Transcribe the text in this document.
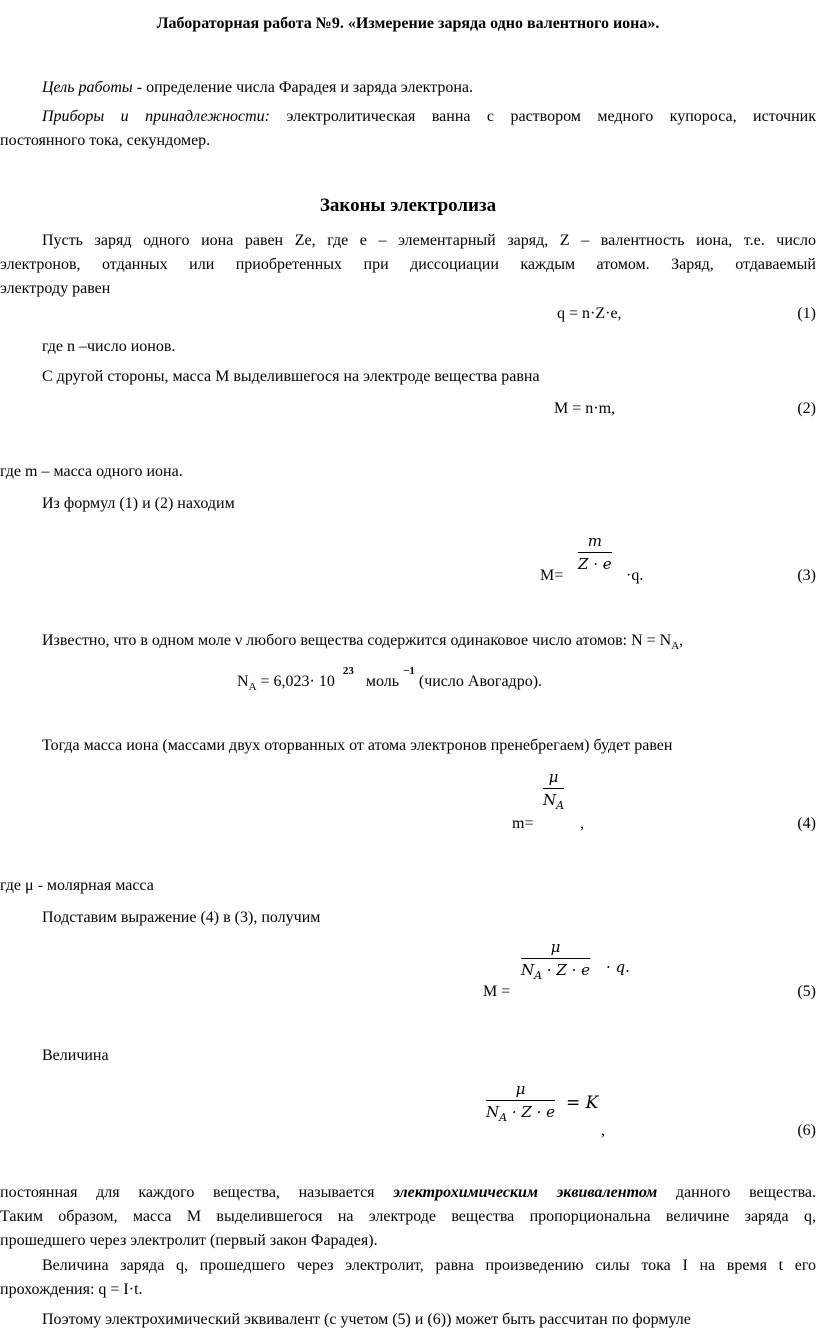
Лабораторная работа №9. «Измерение заряда одно валентного иона».
Цель работы - определение числа Фарадея и заряда электрона.
Приборы и принадлежности: электролитическая ванна с раствором медного купороса, источник
постоянного тока, секундомер.
Законы электролиза
Пусть заряд одного иона равен Ze, где е – элементарный заряд, Z – валентность иона, т.е. число
электронов, отданных или приобретенных при диссоциации каждым атомом. Заряд, отдаваемый
электроду равен
q = n·Z·e,	(1)
где n –число ионов.
С другой стороны, масса М выделившегося на электроде вещества равна
M = n·m,	(2)
где m – масса одного иона.
Из формул (1) и (2) находим
M=
$\frac{m}{Z \cdot e}$
·q.	(3)
Известно, что в одном моле ν любого вещества содержится одинаковое число атомов: $N = N_A$,
$N_A = 6,023\cdot 10^{23}$ моль$^{-1}$ (число Авогадро).
Тогда масса иона (массами двух оторванных от атома электронов пренебрегаем) будет равен
m=
$\frac{\mu}{N_A}$
,	(4)
где μ - молярная масса
Подставим выражение (4) в (3), получим
M =
$\frac{\mu}{N_A \cdot Z \cdot e} \cdot q$.
(5)
Величина
$\frac{\mu}{N_A \cdot Z \cdot e} = K$
,	(6)
постоянная для каждого вещества, называется электрохимическим эквивалентом данного вещества.
Таким образом, масса М выделившегося на электроде вещества пропорциональна величине заряда q,
прошедшего через электролит (первый закон Фарадея).
Величина заряда q, прошедшего через электролит, равна произведению силы тока I на время t его
прохождения: q = I·t.
Поэтому электрохимический эквивалент (с учетом (5) и (6)) может быть рассчитан по формуле
